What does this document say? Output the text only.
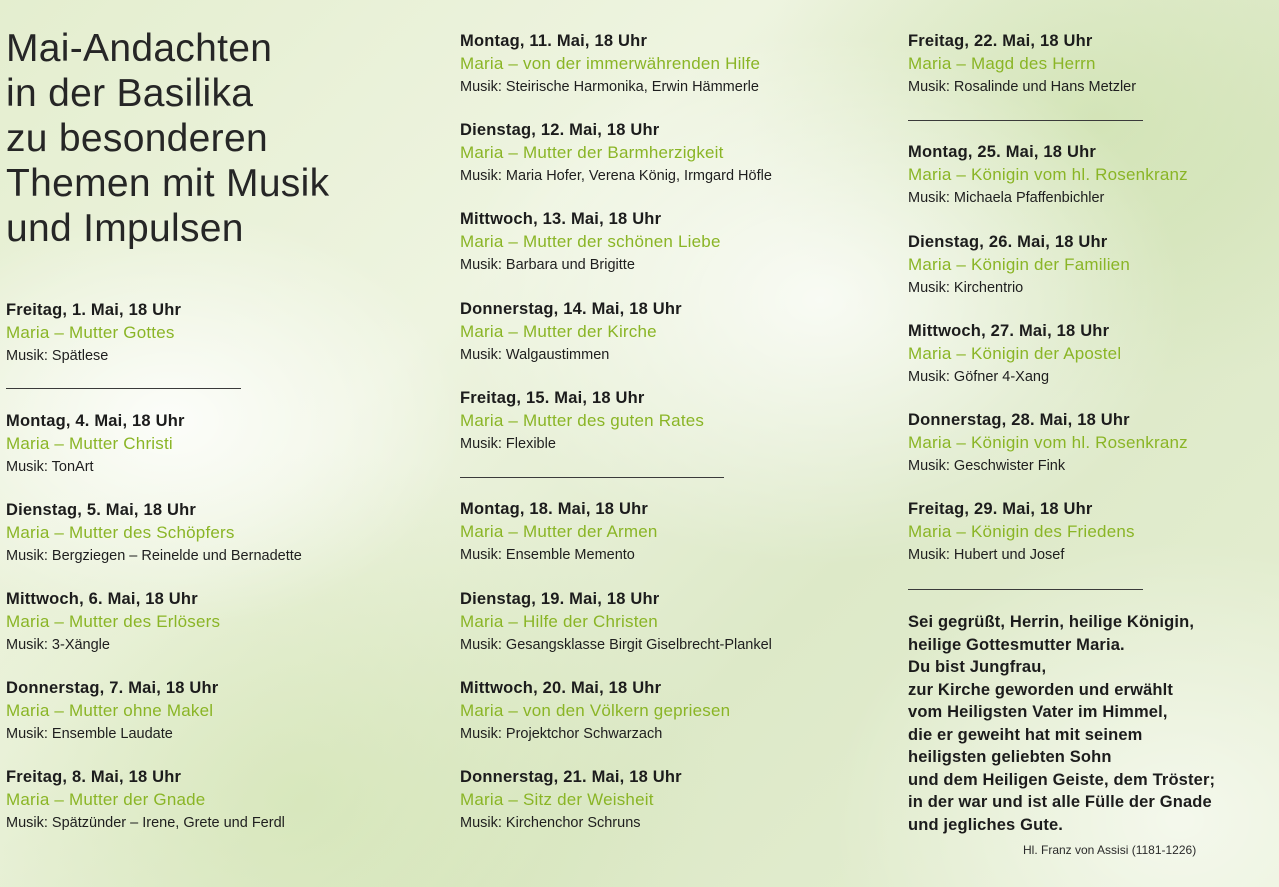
Mai-Andachten
in der Basilika
zu besonderen
Themen mit Musik
und Impulsen
Freitag, 1. Mai, 18 Uhr
Maria – Mutter Gottes
Musik: Spätlese
Montag, 4. Mai, 18 Uhr
Maria – Mutter Christi
Musik: TonArt
Dienstag, 5. Mai, 18 Uhr
Maria – Mutter des Schöpfers
Musik: Bergziegen – Reinelde und Bernadette
Mittwoch, 6. Mai, 18 Uhr
Maria – Mutter des Erlösers
Musik: 3-Xängle
Donnerstag, 7. Mai, 18 Uhr
Maria – Mutter ohne Makel
Musik: Ensemble Laudate
Freitag, 8. Mai, 18 Uhr
Maria – Mutter der Gnade
Musik: Spätzünder – Irene, Grete und Ferdl
Montag, 11. Mai, 18 Uhr
Maria – von der immerwährenden Hilfe
Musik: Steirische Harmonika, Erwin Hämmerle
Dienstag, 12. Mai, 18 Uhr
Maria – Mutter der Barmherzigkeit
Musik: Maria Hofer, Verena König, Irmgard Höfle
Mittwoch, 13. Mai, 18 Uhr
Maria – Mutter der schönen Liebe
Musik: Barbara und Brigitte
Donnerstag, 14. Mai, 18 Uhr
Maria – Mutter der Kirche
Musik: Walgaustimmen
Freitag, 15. Mai, 18 Uhr
Maria – Mutter des guten Rates
Musik: Flexible
Montag, 18. Mai, 18 Uhr
Maria – Mutter der Armen
Musik: Ensemble Memento
Dienstag, 19. Mai, 18 Uhr
Maria – Hilfe der Christen
Musik: Gesangsklasse Birgit Giselbrecht-Plankel
Mittwoch, 20. Mai, 18 Uhr
Maria – von den Völkern gepriesen
Musik: Projektchor Schwarzach
Donnerstag, 21. Mai, 18 Uhr
Maria – Sitz der Weisheit
Musik: Kirchenchor Schruns
Freitag, 22. Mai, 18 Uhr
Maria – Magd des Herrn
Musik: Rosalinde und Hans Metzler
Montag, 25. Mai, 18 Uhr
Maria – Königin vom hl. Rosenkranz
Musik: Michaela Pfaffenbichler
Dienstag, 26. Mai, 18 Uhr
Maria – Königin der Familien
Musik: Kirchentrio
Mittwoch, 27. Mai, 18 Uhr
Maria – Königin der Apostel
Musik: Göfner 4-Xang
Donnerstag, 28. Mai, 18 Uhr
Maria – Königin vom hl. Rosenkranz
Musik: Geschwister Fink
Freitag, 29. Mai, 18 Uhr
Maria – Königin des Friedens
Musik: Hubert und Josef
Sei gegrüßt, Herrin, heilige Königin,
heilige Gottesmutter Maria.
Du bist Jungfrau,
zur Kirche geworden und erwählt
vom Heiligsten Vater im Himmel,
die er geweiht hat mit seinem
heiligsten geliebten Sohn
und dem Heiligen Geiste, dem Tröster;
in der war und ist alle Fülle der Gnade
und jegliches Gute.
Hl. Franz von Assisi (1181-1226)
